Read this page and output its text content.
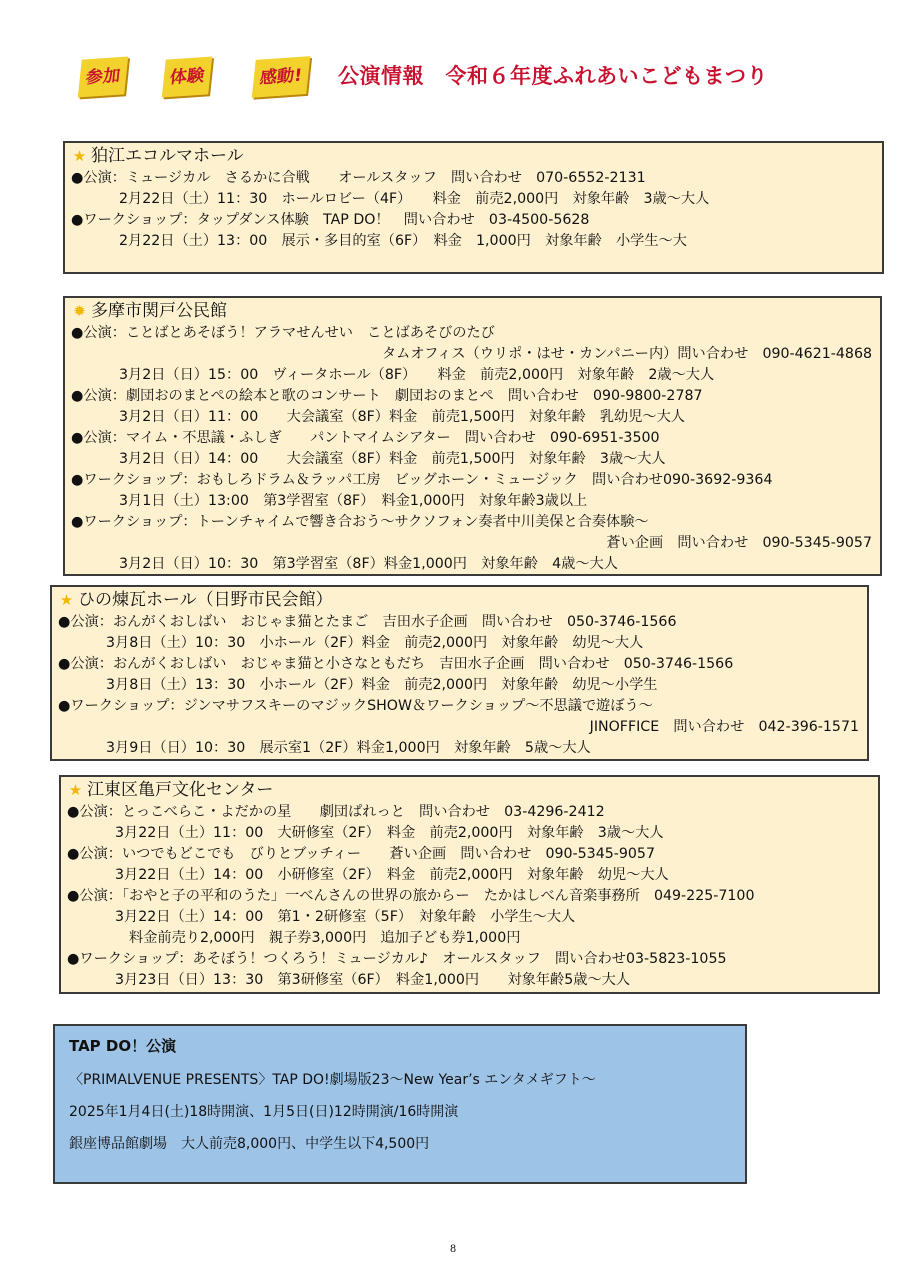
参加	体験	感動!	公演情報　令和６年度ふれあいこどもまつり
★ 狛江エコルマホール
●公演：ミュージカル　さるかに合戦　　オールスタッフ　問い合わせ　070-6552-2131
2月22日（土）11：30　ホールロビー（4F）　　料金　前売2,000円　対象年齢　3歳～大人
●ワークショップ：タップダンス体験　TAP DO！　問い合わせ　03-4500-5628
2月22日（土）13：00　展示・多目的室（6F）　料金　1,000円　対象年齢　小学生～大
✹ 多摩市関戸公民館
●公演：ことばとあそぼう！アラマせんせい　ことばあそびのたび
タムオフィス（ウリポ・はせ・カンパニー内）問い合わせ　090-4621-4868
3月2日（日）15：00　ヴィータホール（8F）　　料金　前売2,000円　対象年齢　2歳～大人
●公演：劇団おのまとぺの絵本と歌のコンサート　劇団おのまとぺ　問い合わせ　090-9800-2787
3月2日（日）11：00　　大会議室（8F）料金　前売1,500円　対象年齢　乳幼児～大人
●公演：マイム・不思議・ふしぎ　　パントマイムシアター　問い合わせ　090-6951-3500
3月2日（日）14：00　　大会議室（8F）料金　前売1,500円　対象年齢　3歳～大人
●ワークショップ：おもしろドラム＆ラッパ工房　ビッグホーン・ミュージック　問い合わせ090-3692-9364
3月1日（土）13:00　第3学習室（8F）　料金1,000円　対象年齢3歳以上
●ワークショップ：トーンチャイムで響き合おう～サクソフォン奏者中川美保と合奏体験～
蒼い企画　問い合わせ　090-5345-9057
3月2日（日）10：30　第3学習室（8F）料金1,000円　対象年齢　4歳～大人
★ ひの煉瓦ホール（日野市民会館）
●公演：おんがくおしばい　おじゃま猫とたまご　吉田水子企画　問い合わせ　050-3746-1566
3月8日（土）10：30　小ホール（2F）料金　前売2,000円　対象年齢　幼児～大人
●公演：おんがくおしばい　おじゃま猫と小さなともだち　吉田水子企画　問い合わせ　050-3746-1566
3月8日（土）13：30　小ホール（2F）料金　前売2,000円　対象年齢　幼児～小学生
●ワークショップ：ジンマサフスキーのマジックSHOW＆ワークショップ～不思議で遊ぼう～
JINOFFICE　問い合わせ　042-396-1571
3月9日（日）10：30　展示室1（2F）料金1,000円　対象年齢　5歳～大人
★ 江東区亀戸文化センター
●公演：とっこべらこ・よだかの星　　劇団ぱれっと　問い合わせ　03-4296-2412
3月22日（土）11：00　大研修室（2F）　料金　前売2,000円　対象年齢　3歳～大人
●公演：いつでもどこでも　びりとブッチィー　　蒼い企画　問い合わせ　090-5345-9057
3月22日（土）14：00　小研修室（2F）　料金　前売2,000円　対象年齢　幼児～大人
●公演：「おやと子の平和のうた」一べんさんの世界の旅からー　たかはしべん音楽事務所　049-225-7100
3月22日（土）14：00　第1・2研修室（5F）　対象年齢　小学生～大人
料金前売り2,000円　親子券3,000円　追加子ども券1,000円
●ワークショップ：あそぼう！つくろう！ミュージカル♪　オールスタッフ　問い合わせ03-5823-1055
3月23日（日）13：30　第3研修室（6F）　料金1,000円　　対象年齢5歳～大人
TAP DO！公演
〈PRIMALVENUE PRESENTS〉TAP DO!劇場版23～New Year’s エンタメギフト～
2025年1月4日(土)18時開演、1月5日(日)12時開演/16時開演
銀座博品館劇場　大人前売8,000円、中学生以下4,500円
8
